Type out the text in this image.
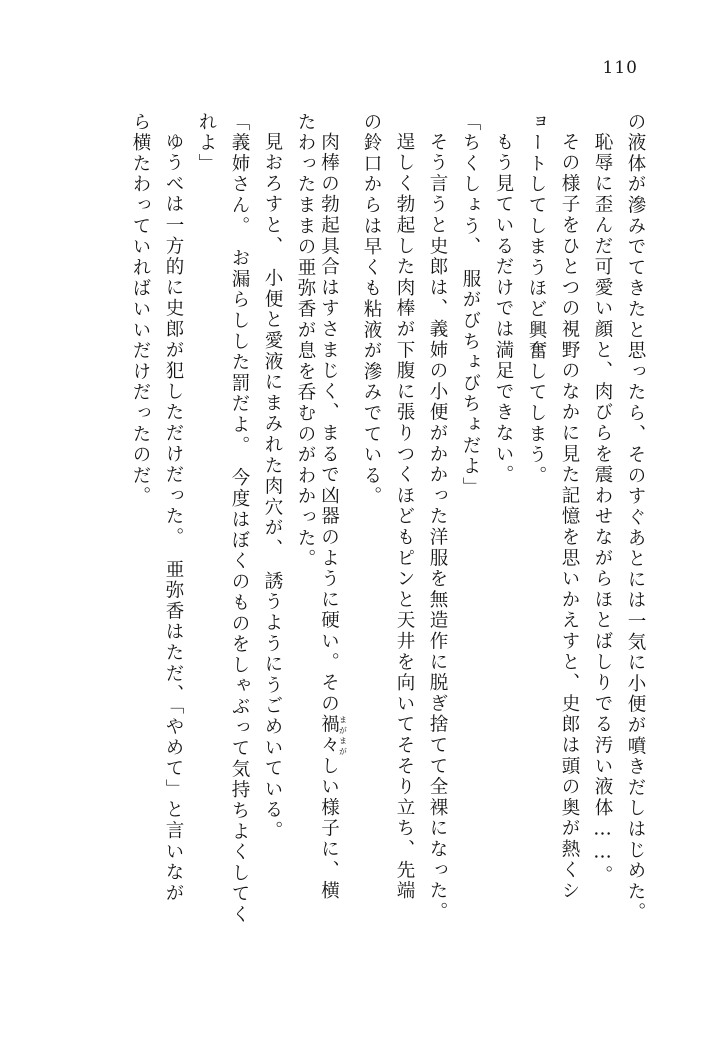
110
の液体が滲みでてきたと思ったら、そのすぐあとには一気に小便が噴きだしはじめた。
恥辱に歪んだ可愛い顔と、肉びらを震わせながらほとばしりでる汚い液体……。
その様子をひとつの視野のなかに見た記憶を思いかえすと、史郎は頭の奥が熱くシ
ョートしてしまうほど興奮してしまう。
もう見ているだけでは満足できない。
「ちくしょう、　服がびちょびちょだよ」
そう言うと史郎は、義姉の小便がかかった洋服を無造作に脱ぎ捨てて全裸になった。
逞しく勃起した肉棒が下腹に張りつくほどもピンと天井を向いてそそり立ち、先端
の鈴口からは早くも粘液が滲みでている。
肉棒の勃起具合はすさまじく、まるで凶器のように硬い。その禍々 まがまがしい様子に、横
たわったままの亜弥香が息を呑むのがわかった。
見おろすと、　小便と愛液にまみれた肉穴が、　誘うようにうごめいている。
「義姉さん。　お漏らしした罰だよ。　今度はぼくのものをしゃぶって気持ちよくしてく
れよ」
ゆうべは一方的に史郎が犯しただけだった。　亜弥香はただ、「やめて」と言いなが
ら横たわっていればいいだけだったのだ。
